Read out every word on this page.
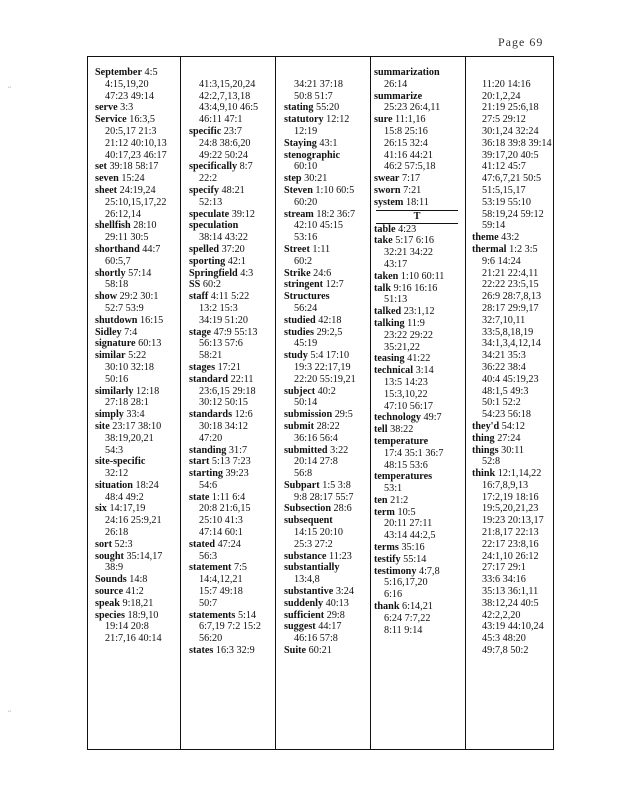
Page 69
ᵕ
ᵕ
September 4:5
4:15,19,20
47:23 49:14
serve 3:3
Service 16:3,5
20:5,17 21:3
21:12 40:10,13
40:17,23 46:17
set 39:18 58:17
seven 15:24
sheet 24:19,24
25:10,15,17,22
26:12,14
shellfish 28:10
29:11 30:5
shorthand 44:7
60:5,7
shortly 57:14
58:18
show 29:2 30:1
52:7 53:9
shutdown 16:15
Sidley 7:4
signature 60:13
similar 5:22
30:10 32:18
50:16
similarly 12:18
27:18 28:1
simply 33:4
site 23:17 38:10
38:19,20,21
54:3
site-specific
32:12
situation 18:24
48:4 49:2
six 14:17,19
24:16 25:9,21
26:18
sort 52:3
sought 35:14,17
38:9
Sounds 14:8
source 41:2
speak 9:18,21
species 18:9,10
19:14 20:8
21:7,16 40:14

41:3,15,20,24
42:2,7,13,18
43:4,9,10 46:5
46:11 47:1
specific 23:7
24:8 38:6,20
49:22 50:24
specifically 8:7
22:2
specify 48:21
52:13
speculate 39:12
speculation
38:14 43:22
spelled 37:20
sporting 42:1
Springfield 4:3
SS 60:2
staff 4:11 5:22
13:2 15:3
34:19 51:20
stage 47:9 55:13
56:13 57:6
58:21
stages 17:21
standard 22:11
23:6,15 29:18
30:12 50:15
standards 12:6
30:18 34:12
47:20
standing 31:7
start 5:13 7:23
starting 39:23
54:6
state 1:11 6:4
20:8 21:6,15
25:10 41:3
47:14 60:1
stated 47:24
56:3
statement 7:5
14:4,12,21
15:7 49:18
50:7
statements 5:14
6:7,19 7:2 15:2
56:20
states 16:3 32:9

34:21 37:18
50:8 51:7
stating 55:20
statutory 12:12
12:19
Staying 43:1
stenographic
60:10
step 30:21
Steven 1:10 60:5
60:20
stream 18:2 36:7
42:10 45:15
53:16
Street 1:11
60:2
Strike 24:6
stringent 12:7
Structures
56:24
studied 42:18
studies 29:2,5
45:19
study 5:4 17:10
19:3 22:17,19
22:20 55:19,21
subject 40:2
50:14
submission 29:5
submit 28:22
36:16 56:4
submitted 3:22
20:14 27:8
56:8
Subpart 1:5 3:8
9:8 28:17 55:7
Subsection 28:6
subsequent
14:15 20:10
25:3 27:2
substance 11:23
substantially
13:4,8
substantive 3:24
suddenly 40:13
sufficient 29:8
suggest 44:17
46:16 57:8
Suite 60:21
summarization
26:14
summarize
25:23 26:4,11
sure 11:1,16
15:8 25:16
26:15 32:4
41:16 44:21
46:2 57:5,18
swear 7:17
sworn 7:21
system 18:11
T
table 4:23
take 5:17 6:16
32:21 34:22
43:17
taken 1:10 60:11
talk 9:16 16:16
51:13
talked 23:1,12
talking 11:9
23:22 29:22
35:21,22
teasing 41:22
technical 3:14
13:5 14:23
15:3,10,22
47:10 56:17
technology 49:7
tell 38:22
temperature
17:4 35:1 36:7
48:15 53:6
temperatures
53:1
ten 21:2
term 10:5
20:11 27:11
43:14 44:2,5
terms 35:16
testify 55:14
testimony 4:7,8
5:16,17,20
6:16
thank 6:14,21
6:24 7:7,22
8:11 9:14

11:20 14:16
20:1,2,24
21:19 25:6,18
27:5 29:12
30:1,24 32:24
36:18 39:8 39:14
39:17,20 40:5
41:12 45:7
47:6,7,21 50:5
51:5,15,17
53:19 55:10
58:19,24 59:12
59:14
theme 43:2
thermal 1:2 3:5
9:6 14:24
21:21 22:4,11
22:22 23:5,15
26:9 28:7,8,13
28:17 29:9,17
32:7,10,11
33:5,8,18,19
34:1,3,4,12,14
34:21 35:3
36:22 38:4
40:4 45:19,23
48:1,5 49:3
50:1 52:2
54:23 56:18
they'd 54:12
thing 27:24
things 30:11
52:8
think 12:1,14,22
16:7,8,9,13
17:2,19 18:16
19:5,20,21,23
19:23 20:13,17
21:8,17 22:13
22:17 23:8,16
24:1,10 26:12
27:17 29:1
33:6 34:16
35:13 36:1,11
38:12,24 40:5
42:2,2,20
43:19 44:10,24
45:3 48:20
49:7,8 50:2
